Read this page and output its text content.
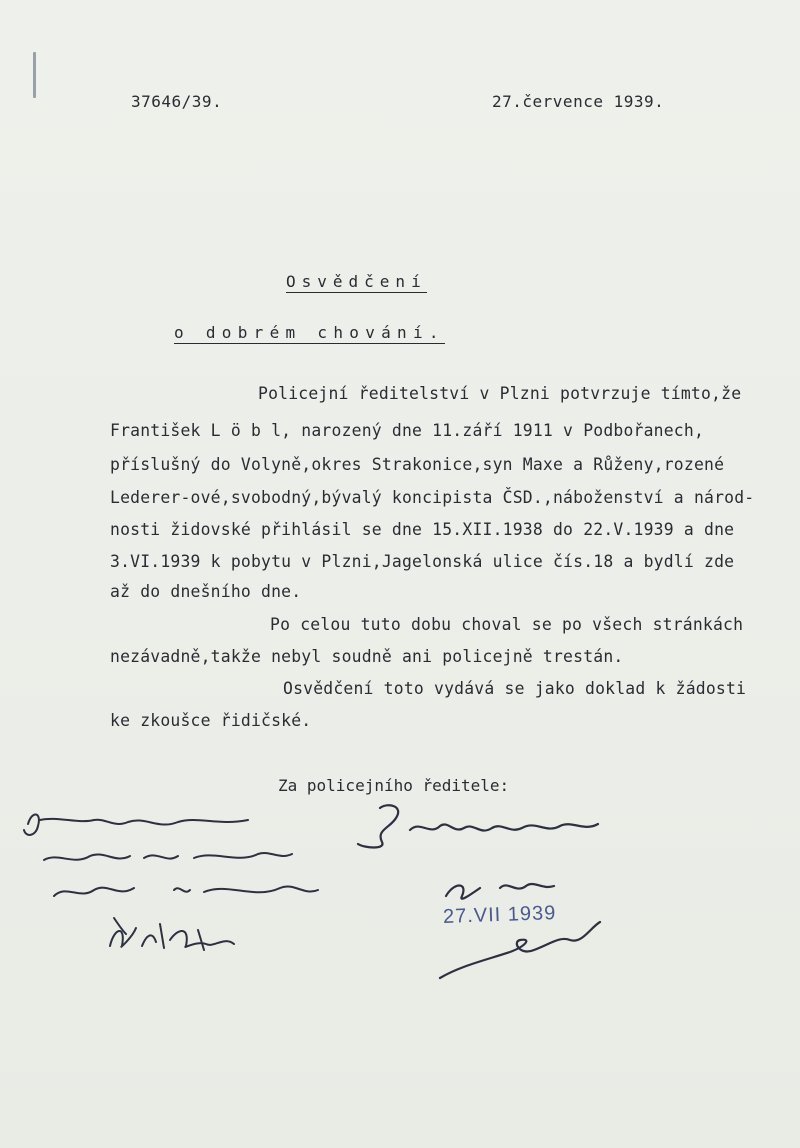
37646/39.	27.července 1939.
Osvědčení
o dobrém chování.
Policejní ředitelství v Plzni potvrzuje tímto,že
František L ö b l, narozený dne 11.září 1911 v Podbořanech,
příslušný do Volyně,okres Strakonice,syn Maxe a Růženy,rozené
Lederer-ové,svobodný,bývalý koncipista ČSD.,náboženství a národ-
nosti židovské přihlásil se dne 15.XII.1938 do 22.V.1939 a dne
3.VI.1939 k pobytu v Plzni,Jagelonská ulice čís.18 a bydlí zde
až do dnešního dne.
Po celou tuto dobu choval se po všech stránkách
nezávadně,takže nebyl soudně ani policejně trestán.
Osvědčení toto vydává se jako doklad k žádosti
ke zkoušce řidičské.
Za policejního ředitele:
27.VII 1939
